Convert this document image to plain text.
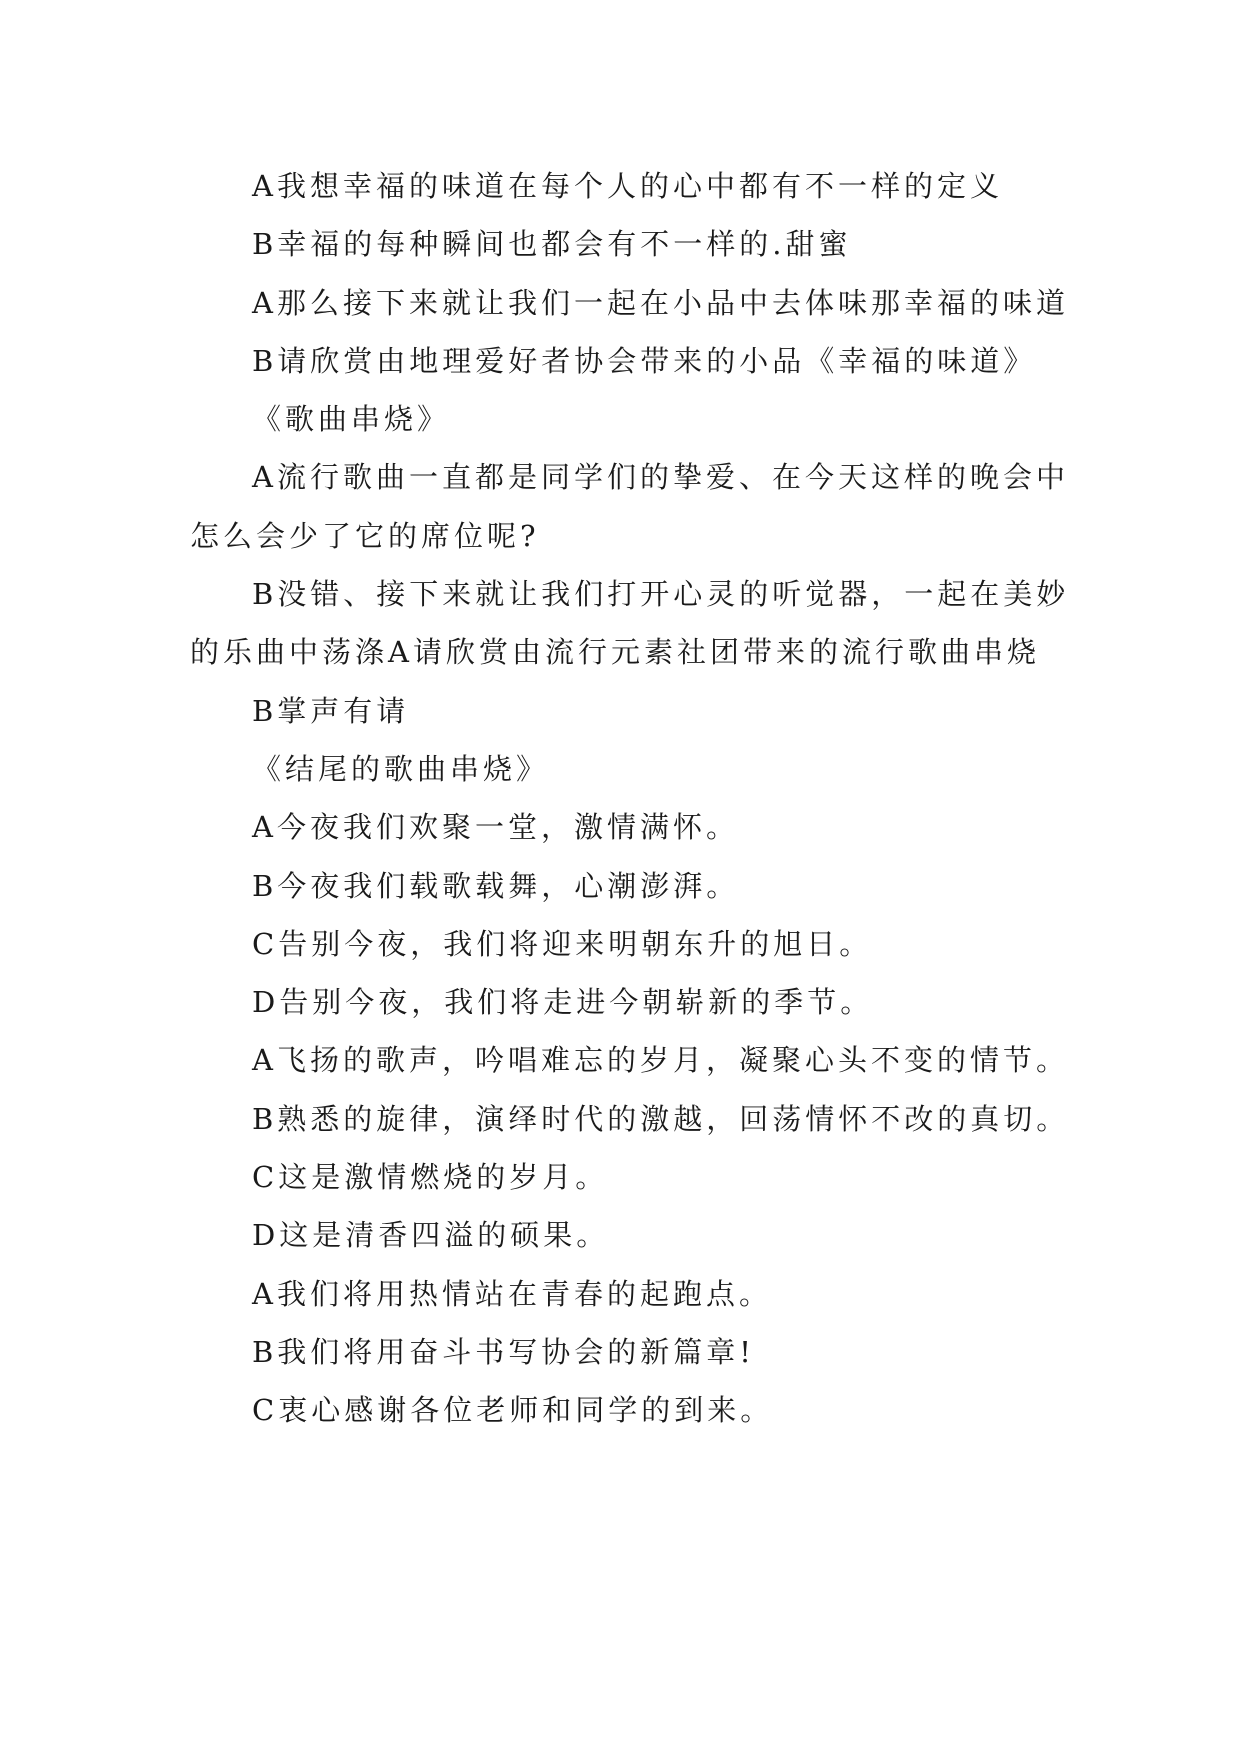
A我想幸福的味道在每个人的心中都有不一样的定义

B幸福的每种瞬间也都会有不一样的.甜蜜

A那么接下来就让我们一起在小品中去体味那幸福的味道

B请欣赏由地理爱好者协会带来的小品《幸福的味道》

《歌曲串烧》

A流行歌曲一直都是同学们的挚爱、在今天这样的晚会中怎么会少了它的席位呢?

B没错、接下来就让我们打开心灵的听觉器，一起在美妙的乐曲中荡涤A请欣赏由流行元素社团带来的流行歌曲串烧

B掌声有请

《结尾的歌曲串烧》

A今夜我们欢聚一堂，激情满怀。

B今夜我们载歌载舞，心潮澎湃。

C告别今夜，我们将迎来明朝东升的旭日。

D告别今夜，我们将走进今朝崭新的季节。

A飞扬的歌声，吟唱难忘的岁月，凝聚心头不变的情节。

B熟悉的旋律，演绎时代的激越，回荡情怀不改的真切。

C这是激情燃烧的岁月。

D这是清香四溢的硕果。

A我们将用热情站在青春的起跑点。

B我们将用奋斗书写协会的新篇章!

C衷心感谢各位老师和同学的到来。
